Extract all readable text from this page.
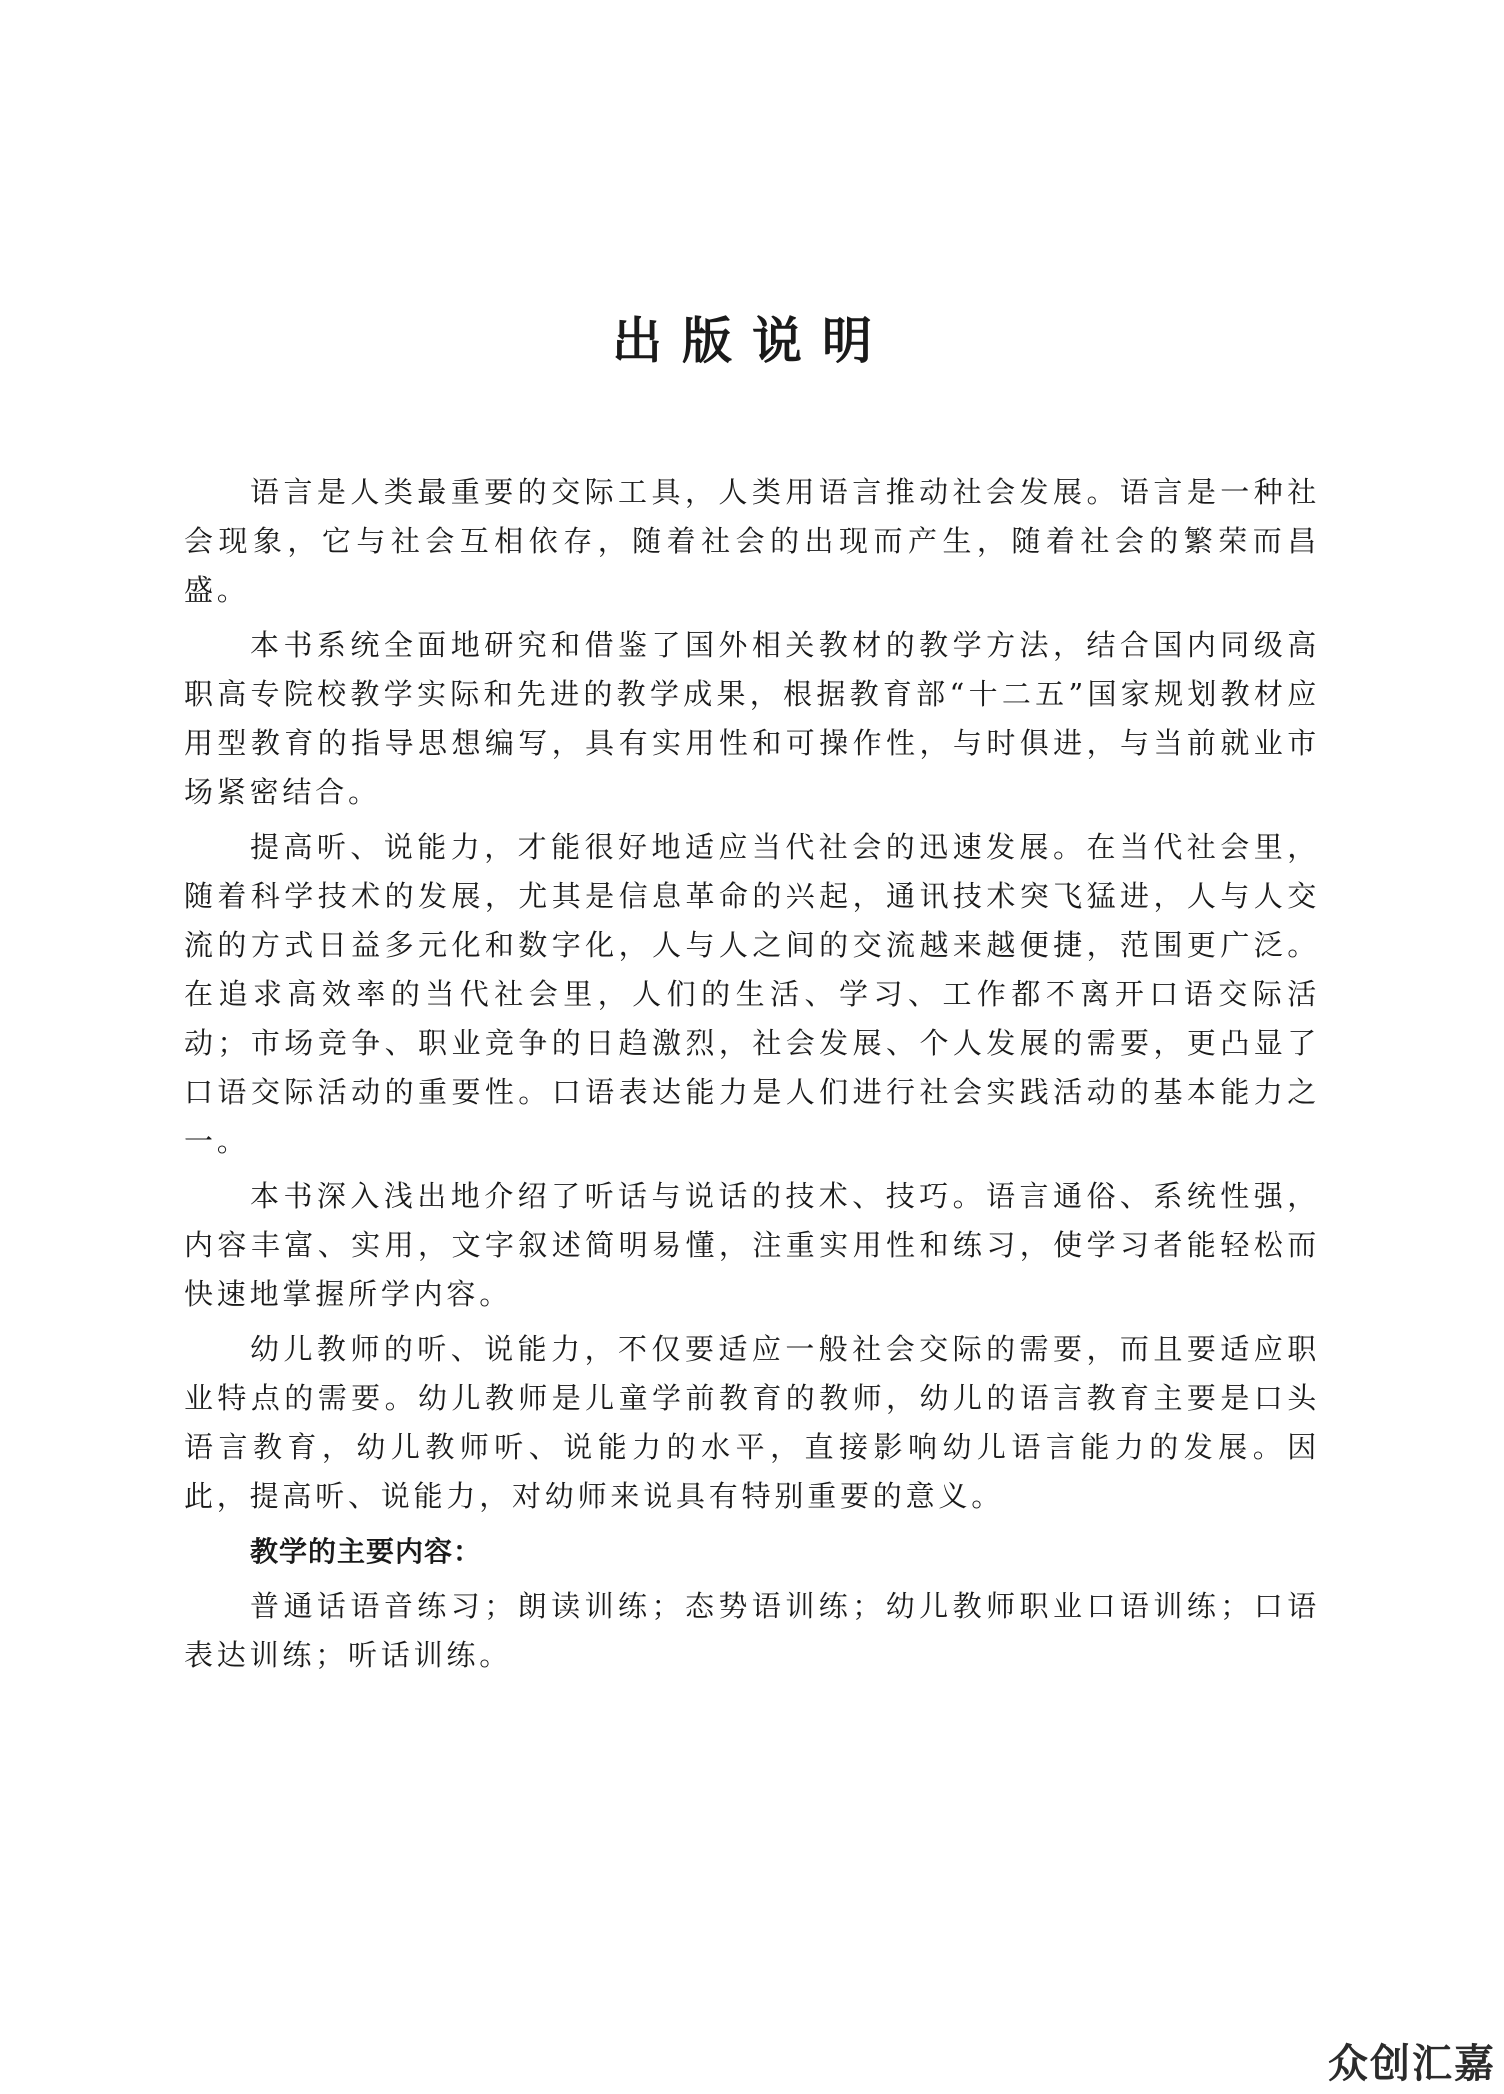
出版说明

语言是人类最重要的交际工具，人类用语言推动社会发展。语言是一种社会现象，它与社会互相依存，随着社会的出现而产生，随着社会的繁荣而昌盛。

本书系统全面地研究和借鉴了国外相关教材的教学方法，结合国内同级高职高专院校教学实际和先进的教学成果，根据教育部“十二五”国家规划教材应用型教育的指导思想编写，具有实用性和可操作性，与时俱进，与当前就业市场紧密结合。

提高听、说能力，才能很好地适应当代社会的迅速发展。在当代社会里，随着科学技术的发展，尤其是信息革命的兴起，通讯技术突飞猛进，人与人交流的方式日益多元化和数字化，人与人之间的交流越来越便捷，范围更广泛。在追求高效率的当代社会里，人们的生活、学习、工作都不离开口语交际活动；市场竞争、职业竞争的日趋激烈，社会发展、个人发展的需要，更凸显了口语交际活动的重要性。口语表达能力是人们进行社会实践活动的基本能力之一。

本书深入浅出地介绍了听话与说话的技术、技巧。语言通俗、系统性强，内容丰富、实用，文字叙述简明易懂，注重实用性和练习，使学习者能轻松而快速地掌握所学内容。

幼儿教师的听、说能力，不仅要适应一般社会交际的需要，而且要适应职业特点的需要。幼儿教师是儿童学前教育的教师，幼儿的语言教育主要是口头语言教育，幼儿教师听、说能力的水平，直接影响幼儿语言能力的发展。因此，提高听、说能力，对幼师来说具有特别重要的意义。

教学的主要内容：

普通话语音练习；朗读训练；态势语训练；幼儿教师职业口语训练；口语表达训练；听话训练。

众创汇嘉
